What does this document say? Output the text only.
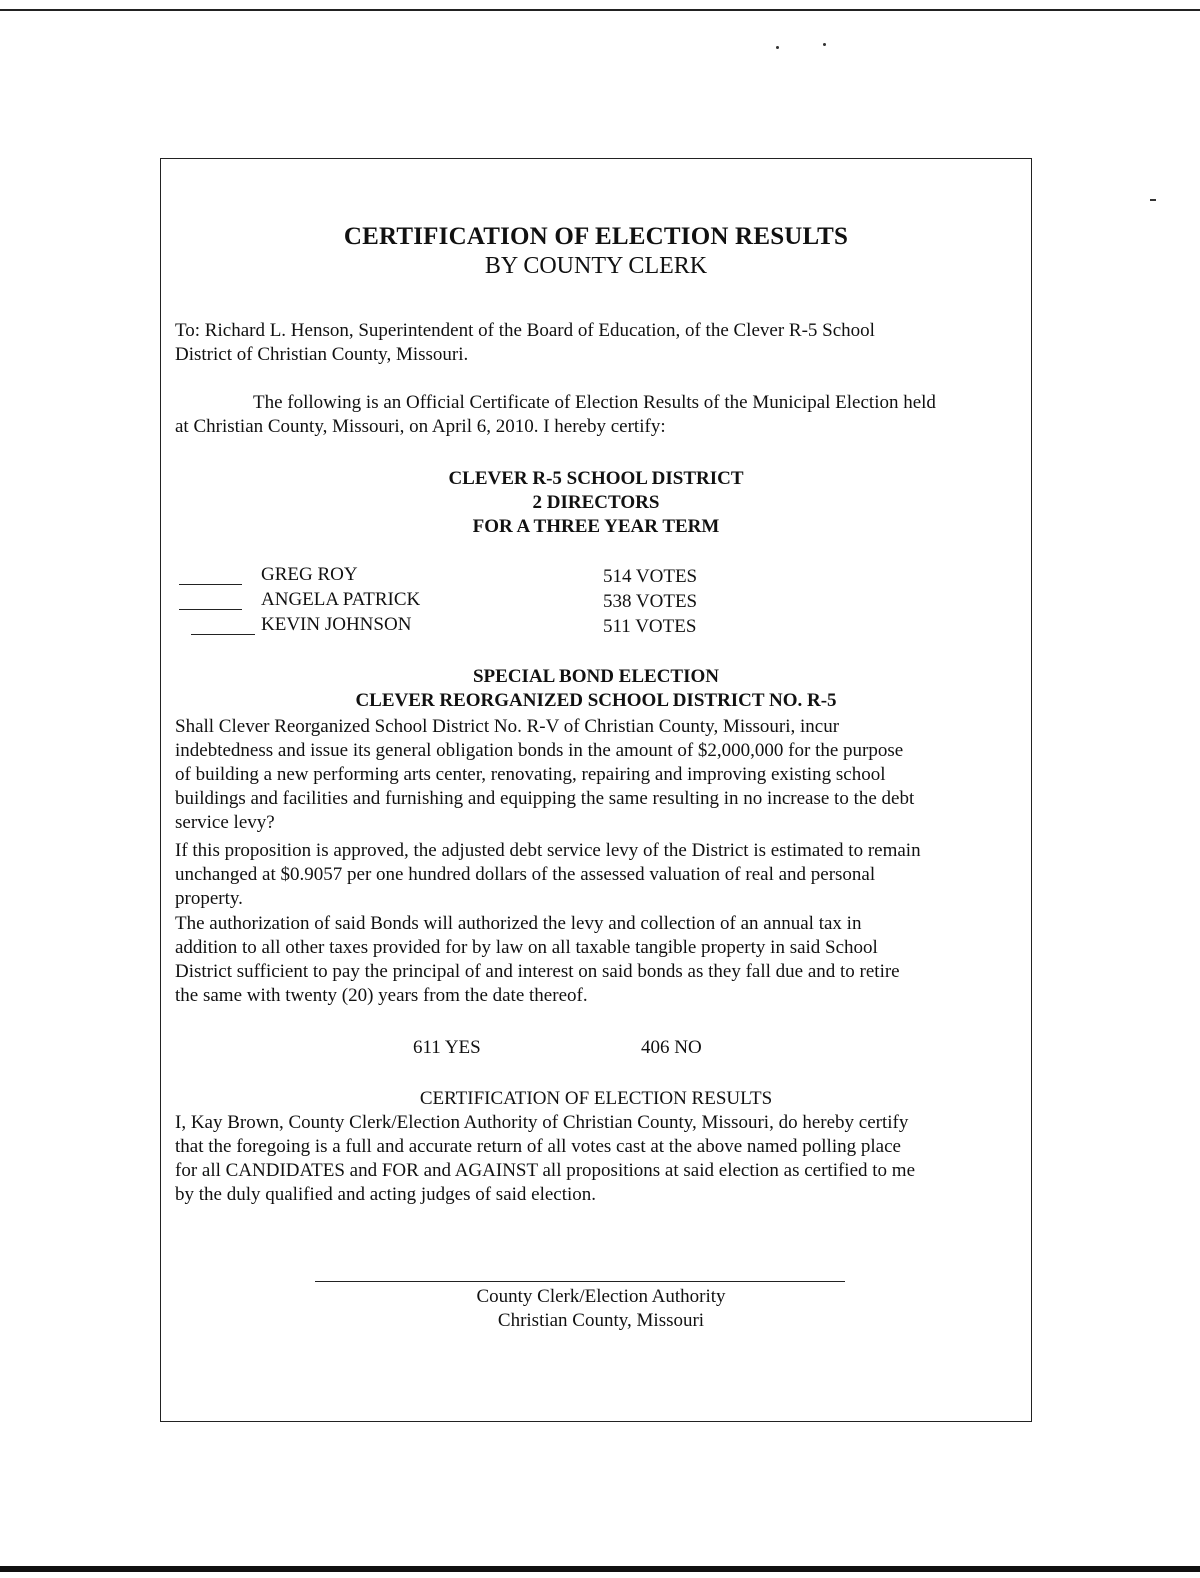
CERTIFICATION OF ELECTION RESULTS
BY COUNTY CLERK
To: Richard L. Henson, Superintendent of the Board of Education, of the Clever R-5 School
District of Christian County, Missouri.
The following is an Official Certificate of Election Results of the Municipal Election held
at Christian County, Missouri, on April 6, 2010. I hereby certify:
CLEVER R-5 SCHOOL DISTRICT
2 DIRECTORS
FOR A THREE YEAR TERM
GREG ROY	514 VOTES
ANGELA PATRICK	538 VOTES
KEVIN JOHNSON	511 VOTES
SPECIAL BOND ELECTION
CLEVER REORGANIZED SCHOOL DISTRICT NO. R-5
Shall Clever Reorganized School District No. R-V of Christian County, Missouri, incur
indebtedness and issue its general obligation bonds in the amount of $2,000,000 for the purpose
of building a new performing arts center, renovating, repairing and improving existing school
buildings and facilities and furnishing and equipping the same resulting in no increase to the debt
service levy?
If this proposition is approved, the adjusted debt service levy of the District is estimated to remain
unchanged at $0.9057 per one hundred dollars of the assessed valuation of real and personal
property.
The authorization of said Bonds will authorized the levy and collection of an annual tax in
addition to all other taxes provided for by law on all taxable tangible property in said School
District sufficient to pay the principal of and interest on said bonds as they fall due and to retire
the same with twenty (20) years from the date thereof.
611 YES	406 NO
CERTIFICATION OF ELECTION RESULTS
I, Kay Brown, County Clerk/Election Authority of Christian County, Missouri, do hereby certify
that the foregoing is a full and accurate return of all votes cast at the above named polling place
for all CANDIDATES and FOR and AGAINST all propositions at said election as certified to me
by the duly qualified and acting judges of said election.
County Clerk/Election Authority
Christian County, Missouri
